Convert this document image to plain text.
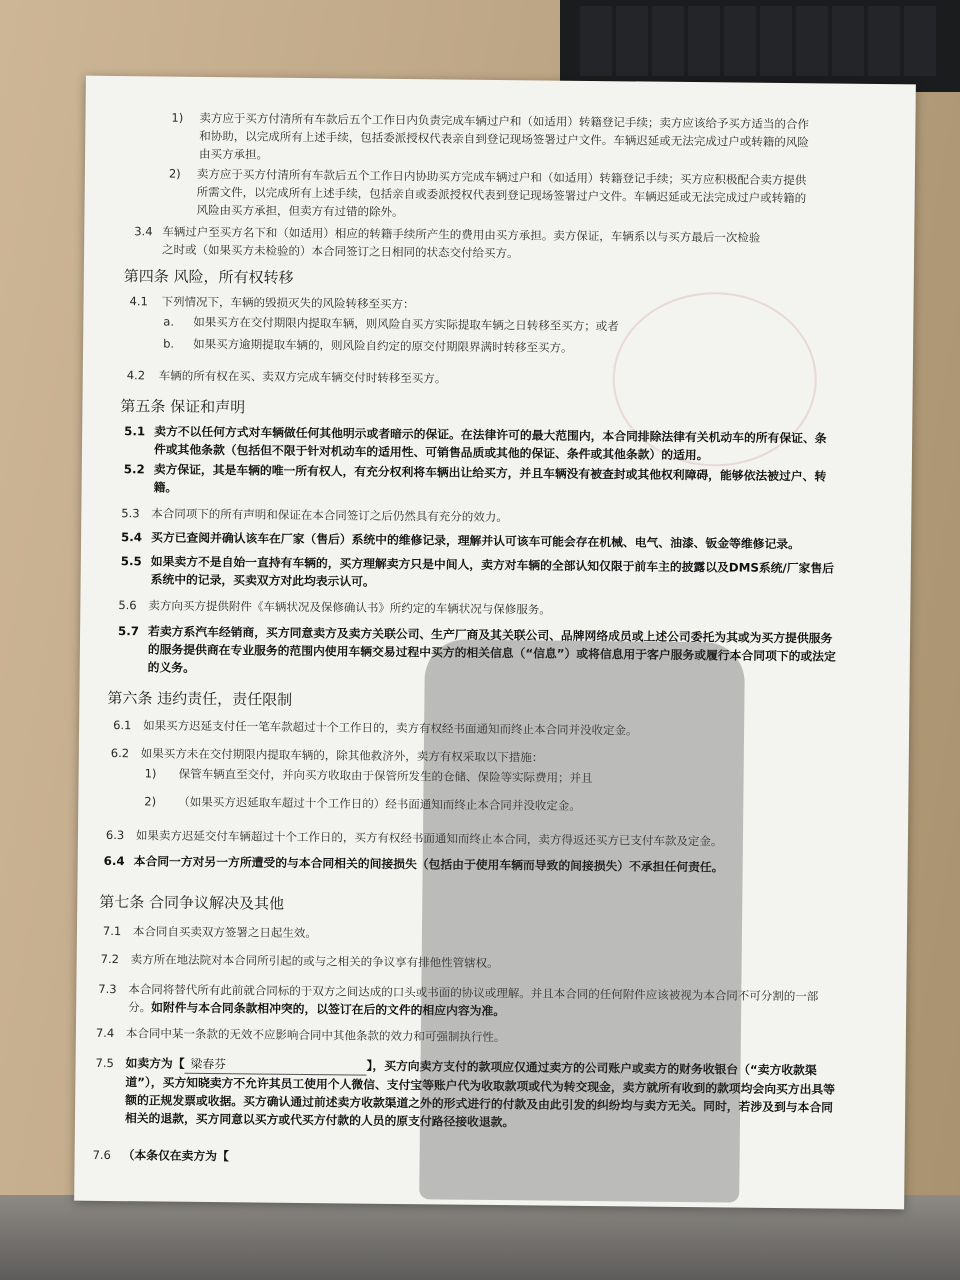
1) 卖方应于买方付清所有车款后五个工作日内负责完成车辆过户和（如适用）转籍登记手续；卖方应该给予买方适当的合作和协助，以完成所有上述手续，包括委派授权代表亲自到登记现场签署过户文件。车辆迟延或无法完成过户或转籍的风险由买方承担。
2) 卖方应于买方付清所有车款后五个工作日内协助买方完成车辆过户和（如适用）转籍登记手续；买方应积极配合卖方提供所需文件，以完成所有上述手续，包括亲自或委派授权代表到登记现场签署过户文件。车辆迟延或无法完成过户或转籍的风险由买方承担，但卖方有过错的除外。
3.4 车辆过户至买方名下和（如适用）相应的转籍手续所产生的费用由买方承担。卖方保证，车辆系以与买方最后一次检验之时或（如果买方未检验的）本合同签订之日相同的状态交付给买方。
第四条 风险，所有权转移
4.1 下列情况下，车辆的毁损灭失的风险转移至买方：
a. 如果买方在交付期限内提取车辆，则风险自买方实际提取车辆之日转移至买方；或者
b. 如果买方逾期提取车辆的，则风险自约定的原交付期限界满时转移至买方。
4.2 车辆的所有权在买、卖双方完成车辆交付时转移至买方。
第五条 保证和声明
5.1 卖方不以任何方式对车辆做任何其他明示或者暗示的保证。在法律许可的最大范围内，本合同排除法律有关机动车的所有保证、条件或其他条款（包括但不限于针对机动车的适用性、可销售品质或其他的保证、条件或其他条款）的适用。
5.2 卖方保证，其是车辆的唯一所有权人，有充分权利将车辆出让给买方，并且车辆没有被查封或其他权利障碍，能够依法被过户、转籍。
5.3 本合同项下的所有声明和保证在本合同签订之后仍然具有充分的效力。
5.4 买方已查阅并确认该车在厂家（售后）系统中的维修记录，理解并认可该车可能会存在机械、电气、油漆、钣金等维修记录。
5.5 如果卖方不是自始一直持有车辆的，买方理解卖方只是中间人，卖方对车辆的全部认知仅限于前车主的披露以及DMS系统/厂家售后系统中的记录，买卖双方对此均表示认可。
5.6 卖方向买方提供附件《车辆状况及保修确认书》所约定的车辆状况与保修服务。
5.7 若卖方系汽车经销商，买方同意卖方及卖方关联公司、生产厂商及其关联公司、品牌网络成员或上述公司委托为其或为买方提供服务的服务提供商在专业服务的范围内使用车辆交易过程中买方的相关信息（“信息”）或将信息用于客户服务或履行本合同项下的或法定的义务。
第六条 违约责任，责任限制
6.1 如果买方迟延支付任一笔车款超过十个工作日的，卖方有权经书面通知而终止本合同并没收定金。
6.2 如果买方未在交付期限内提取车辆的，除其他救济外，卖方有权采取以下措施：
1) 保管车辆直至交付，并向买方收取由于保管所发生的仓储、保险等实际费用；并且
2) （如果买方迟延取车超过十个工作日的）经书面通知而终止本合同并没收定金。
6.3 如果卖方迟延交付车辆超过十个工作日的，买方有权经书面通知而终止本合同，卖方得返还买方已支付车款及定金。
6.4 本合同一方对另一方所遭受的与本合同相关的间接损失（包括由于使用车辆而导致的间接损失）不承担任何责任。
第七条 合同争议解决及其他
7.1 本合同自买卖双方签署之日起生效。
7.2 卖方所在地法院对本合同所引起的或与之相关的争议享有排他性管辖权。
7.3 本合同将替代所有此前就合同标的于双方之间达成的口头或书面的协议或理解。并且本合同的任何附件应该被视为本合同不可分割的一部分。如附件与本合同条款相冲突的，以签订在后的文件的相应内容为准。
7.4 本合同中某一条款的无效不应影响合同中其他条款的效力和可强制执行性。
7.5 如卖方为【 梁春芬	】，买方向卖方支付的款项应仅通过卖方的公司账户或卖方的财务收银台（“卖方收款渠道”），买方知晓卖方不允许其员工使用个人微信、支付宝等账户代为收取款项或代为转交现金，卖方就所有收到的款项均会向买方出具等额的正规发票或收据。买方确认通过前述卖方收款渠道之外的形式进行的付款及由此引发的纠纷均与卖方无关。同时，若涉及到与本合同相关的退款，买方同意以买方或代买方付款的人员的原支付路径接收退款。
7.6 （本条仅在卖方为【
